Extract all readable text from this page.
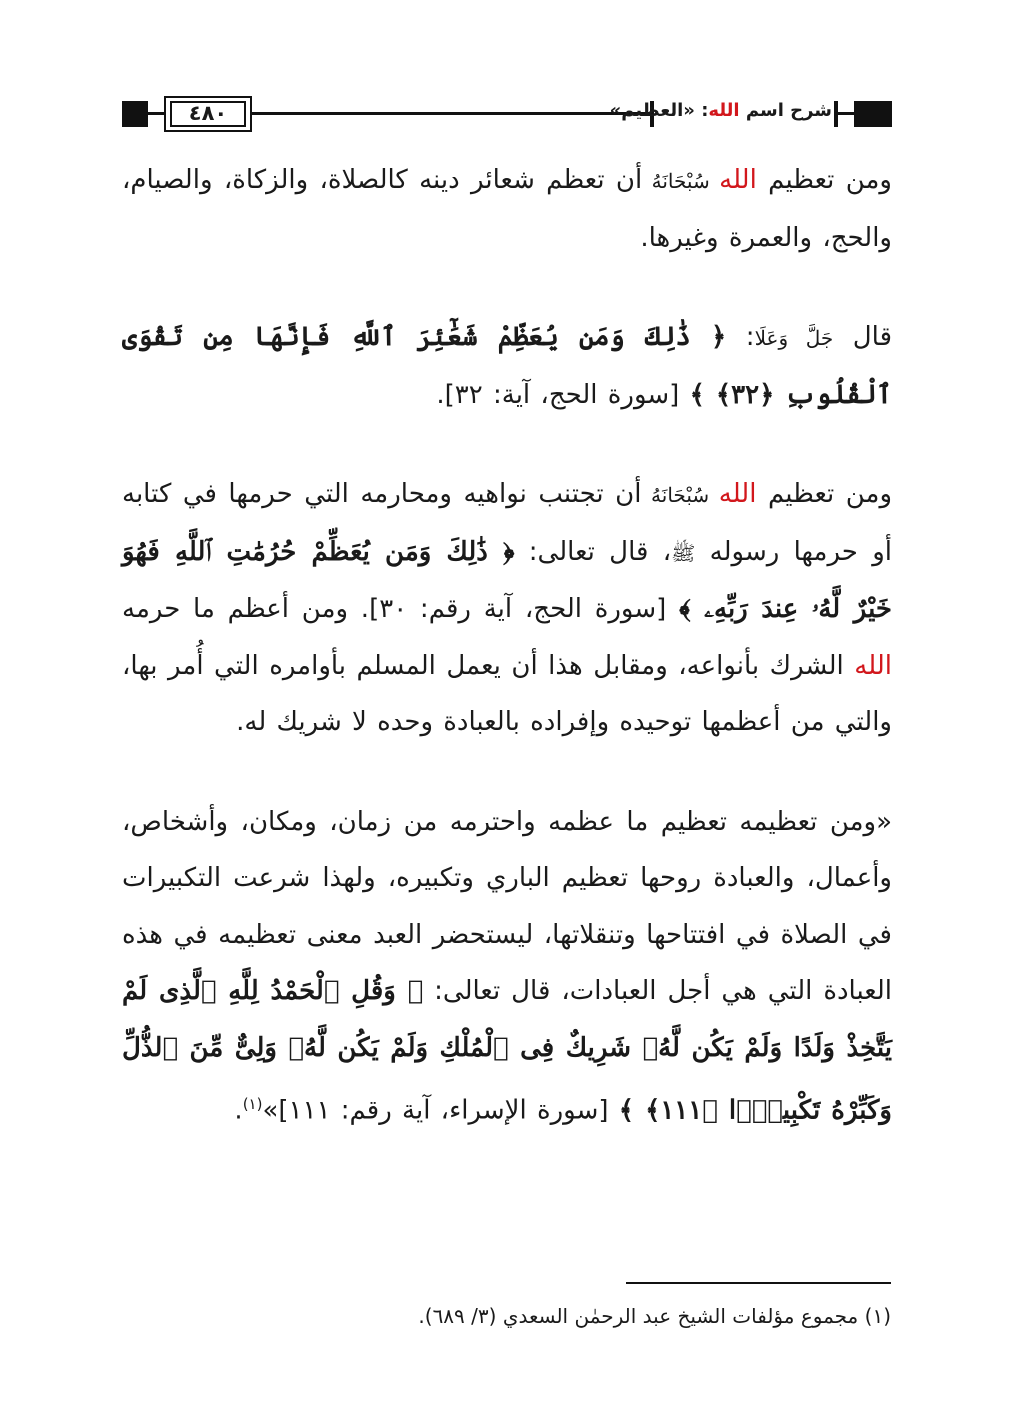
٤٨٠	شرح اسم الله: «العظيم»

ومن تعظيم الله سُبْحَانَهُ أن تعظم شعائر دينه كالصلاة، والزكاة، والصيام، والحج، والعمرة وغيرها.

قال جَلَّ وَعَلَا: ﴿ ذَٰلِكَ وَمَن يُعَظِّمْ شَعَٰٓئِرَ ٱللَّهِ فَإِنَّهَا مِن تَقْوَى ٱلْقُلُوبِ ﴿٣٢﴾ ﴾ [سورة الحج، آية: ٣٢].

ومن تعظيم الله سُبْحَانَهُ أن تجتنب نواهيه ومحارمه التي حرمها في كتابه أو حرمها رسوله ﷺ، قال تعالى: ﴿ ذَٰلِكَ وَمَن يُعَظِّمْ حُرُمَٰتِ ٱللَّهِ فَهُوَ خَيْرٌ لَّهُۥ عِندَ رَبِّهِۦ ﴾ [سورة الحج، آية رقم: ٣٠]. ومن أعظم ما حرمه الله الشرك بأنواعه، ومقابل هذا أن يعمل المسلم بأوامره التي أُمر بها، والتي من أعظمها توحيده وإفراده بالعبادة وحده لا شريك له.

«ومن تعظيمه تعظيم ما عظمه واحترمه من زمان، ومكان، وأشخاص، وأعمال، والعبادة روحها تعظيم الباري وتكبيره، ولهذا شرعت التكبيرات في الصلاة في افتتاحها وتنقلاتها، ليستحضر العبد معنى تعظيمه في هذه العبادة التي هي أجل العبادات، قال تعالى: ﴿ وَقُلِ ٱلْحَمْدُ لِلَّهِ ٱلَّذِى لَمْ يَتَّخِذْ وَلَدًا وَلَمْ يَكُن لَّهُۥ شَرِيكٌ فِى ٱلْمُلْكِ وَلَمْ يَكُن لَّهُۥ وَلِىٌّ مِّنَ ٱلذُّلِّ وَكَبِّرْهُ تَكْبِيرًۢا ﴿١١١﴾ ﴾ [سورة الإسراء، آية رقم: ١١١]»$^{(١)}$.

(١) مجموع مؤلفات الشيخ عبد الرحمٰن السعدي (٣/ ٦٨٩).
